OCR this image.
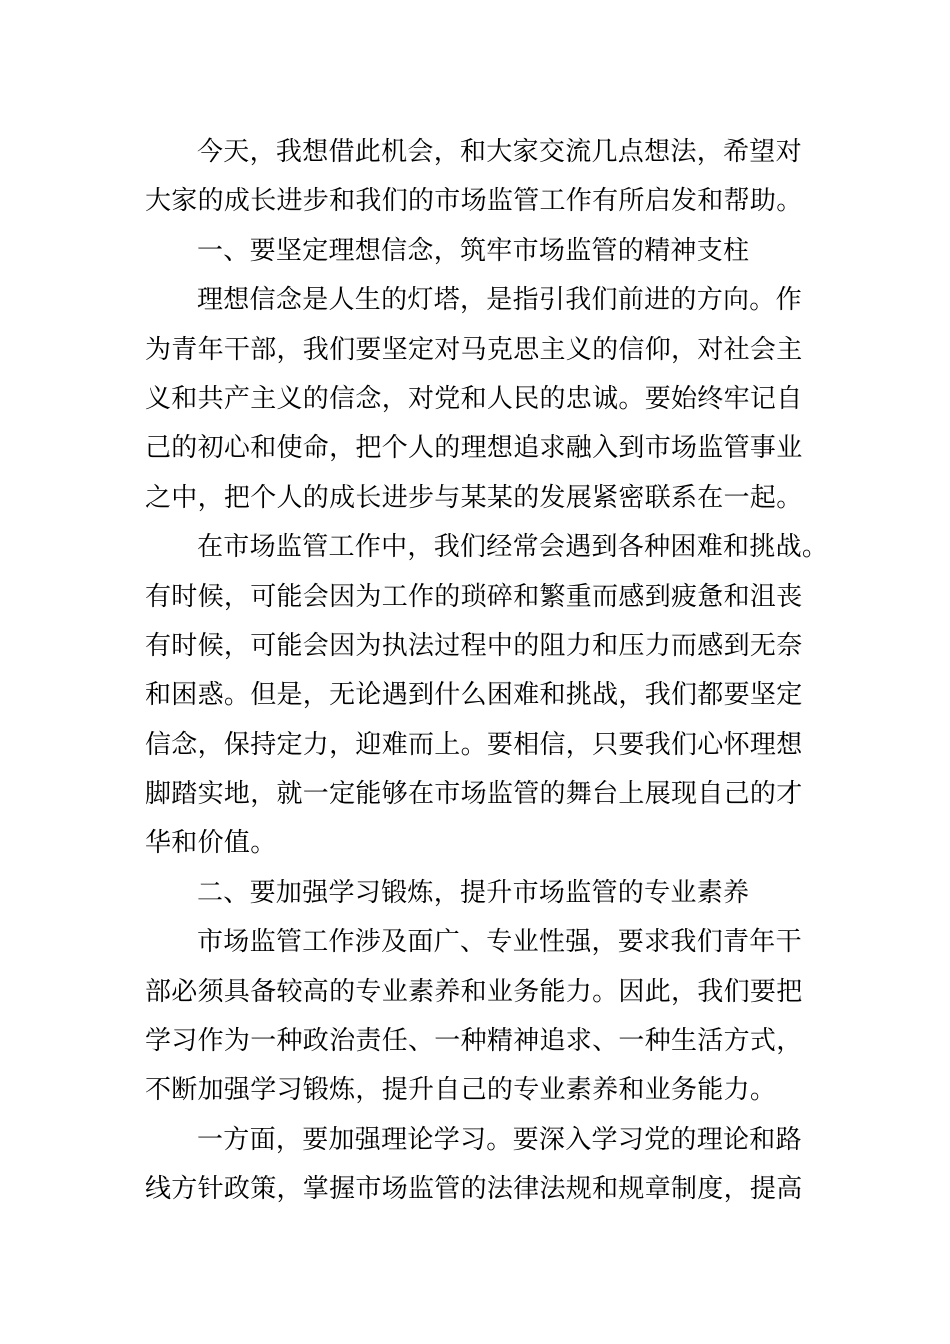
今天，我想借此机会，和大家交流几点想法，希望对
大家的成长进步和我们的市场监管工作有所启发和帮助。
一、要坚定理想信念，筑牢市场监管的精神支柱
理想信念是人生的灯塔，是指引我们前进的方向。作
为青年干部，我们要坚定对马克思主义的信仰，对社会主
义和共产主义的信念，对党和人民的忠诚。要始终牢记自
己的初心和使命，把个人的理想追求融入到市场监管事业
之中，把个人的成长进步与某某的发展紧密联系在一起。
在市场监管工作中，我们经常会遇到各种困难和挑战。
有时候，可能会因为工作的琐碎和繁重而感到疲惫和沮丧
有时候，可能会因为执法过程中的阻力和压力而感到无奈
和困惑。但是，无论遇到什么困难和挑战，我们都要坚定
信念，保持定力，迎难而上。要相信，只要我们心怀理想
脚踏实地，就一定能够在市场监管的舞台上展现自己的才
华和价值。
二、要加强学习锻炼，提升市场监管的专业素养
市场监管工作涉及面广、专业性强，要求我们青年干
部必须具备较高的专业素养和业务能力。因此，我们要把
学习作为一种政治责任、一种精神追求、一种生活方式，
不断加强学习锻炼，提升自己的专业素养和业务能力。
一方面，要加强理论学习。要深入学习党的理论和路
线方针政策，掌握市场监管的法律法规和规章制度，提高
